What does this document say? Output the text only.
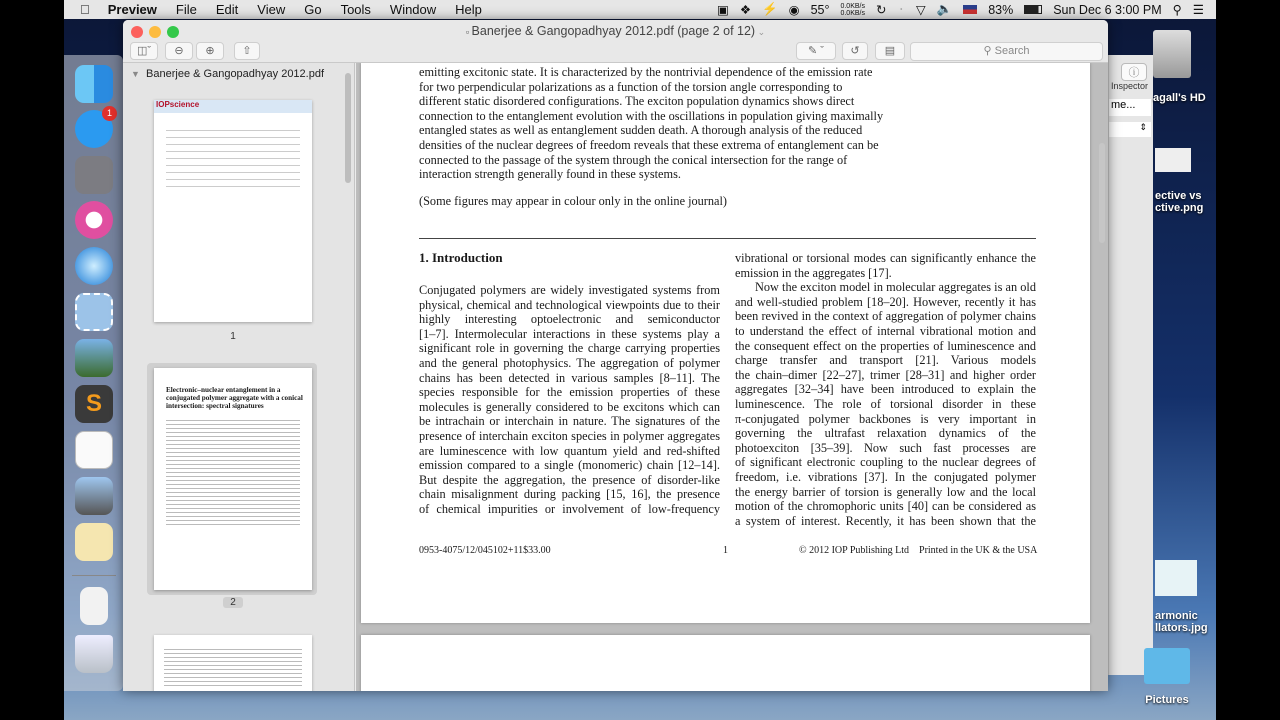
Preview File Edit View Go Tools Window Help	▣ ❖ ⚡ ◉ 55° 0.0KB/s
0.0KB/s ↻ ᛫ ▽ 🔈	83%	Sun Dec 6 3:00 PM ⚲ ☰
1
S
ⓘ
Inspector
me...
⇕
agall's HD
ective vs
ctive.png
armonic
llators.jpg
Pictures
▫ Banerjee & Gangopadhyay 2012.pdf (page 2 of 12) ⌄
◫ˇ	⊖	⊕	⇧	✎ ˇ	↺	▤	⚲ Search
▼ Banerjee & Gangopadhyay 2012.pdf
IOPscience
1
Electronic–nuclear entanglement in a conjugated polymer aggregate with a conical intersection: spectral signatures
2
emitting excitonic state. It is characterized by the nontrivial dependence of the emission rate
for two perpendicular polarizations as a function of the torsion angle corresponding to
different static disordered configurations. The exciton population dynamics shows direct
connection to the entanglement evolution with the oscillations in population giving maximally
entangled states as well as entanglement sudden death. A thorough analysis of the reduced
densities of the nuclear degrees of freedom reveals that these extrema of entanglement can be
connected to the passage of the system through the conical intersection for the range of
interaction strength generally found in these systems.
(Some figures may appear in colour only in the online journal)
1. Introduction
Conjugated polymers are widely investigated systems from
physical, chemical and technological viewpoints due to their
highly interesting optoelectronic and semiconductor
[1–7]. Intermolecular interactions in these systems play a
significant role in governing the charge carrying properties
and the general photophysics. The aggregation of polymer
chains has been detected in various samples [8–11]. The
species responsible for the emission properties of these
molecules is generally considered to be excitons which can
be intrachain or interchain in nature. The signatures of the
presence of interchain exciton species in polymer aggregates
are luminescence with low quantum yield and red-shifted
emission compared to a single (monomeric) chain [12–14].
But despite the aggregation, the presence of disorder-like
chain misalignment during packing [15, 16], the presence
of chemical impurities or involvement of low-frequency
vibrational or torsional modes can significantly enhance the
emission in the aggregates [17].
Now the exciton model in molecular aggregates is an old
and well-studied problem [18–20]. However, recently it has
been revived in the context of aggregation of polymer chains
to understand the effect of internal vibrational motion and
the consequent effect on the properties of luminescence and
charge transfer and transport [21]. Various models
the chain–dimer [22–27], trimer [28–31] and higher order
aggregates [32–34] have been introduced to explain the
luminescence. The role of torsional disorder in these
π-conjugated polymer backbones is very important in
governing the ultrafast relaxation dynamics of the
photoexciton [35–39]. Now such fast processes are
of significant electronic coupling to the nuclear degrees of
freedom, i.e. vibrations [37]. In the conjugated polymer
the energy barrier of torsion is generally low and the local
motion of the chromophoric units [40] can be considered as
a system of interest. Recently, it has been shown that the
0953-4075/12/045102+11$33.00	1	© 2012 IOP Publishing Ltd    Printed in the UK & the USA
